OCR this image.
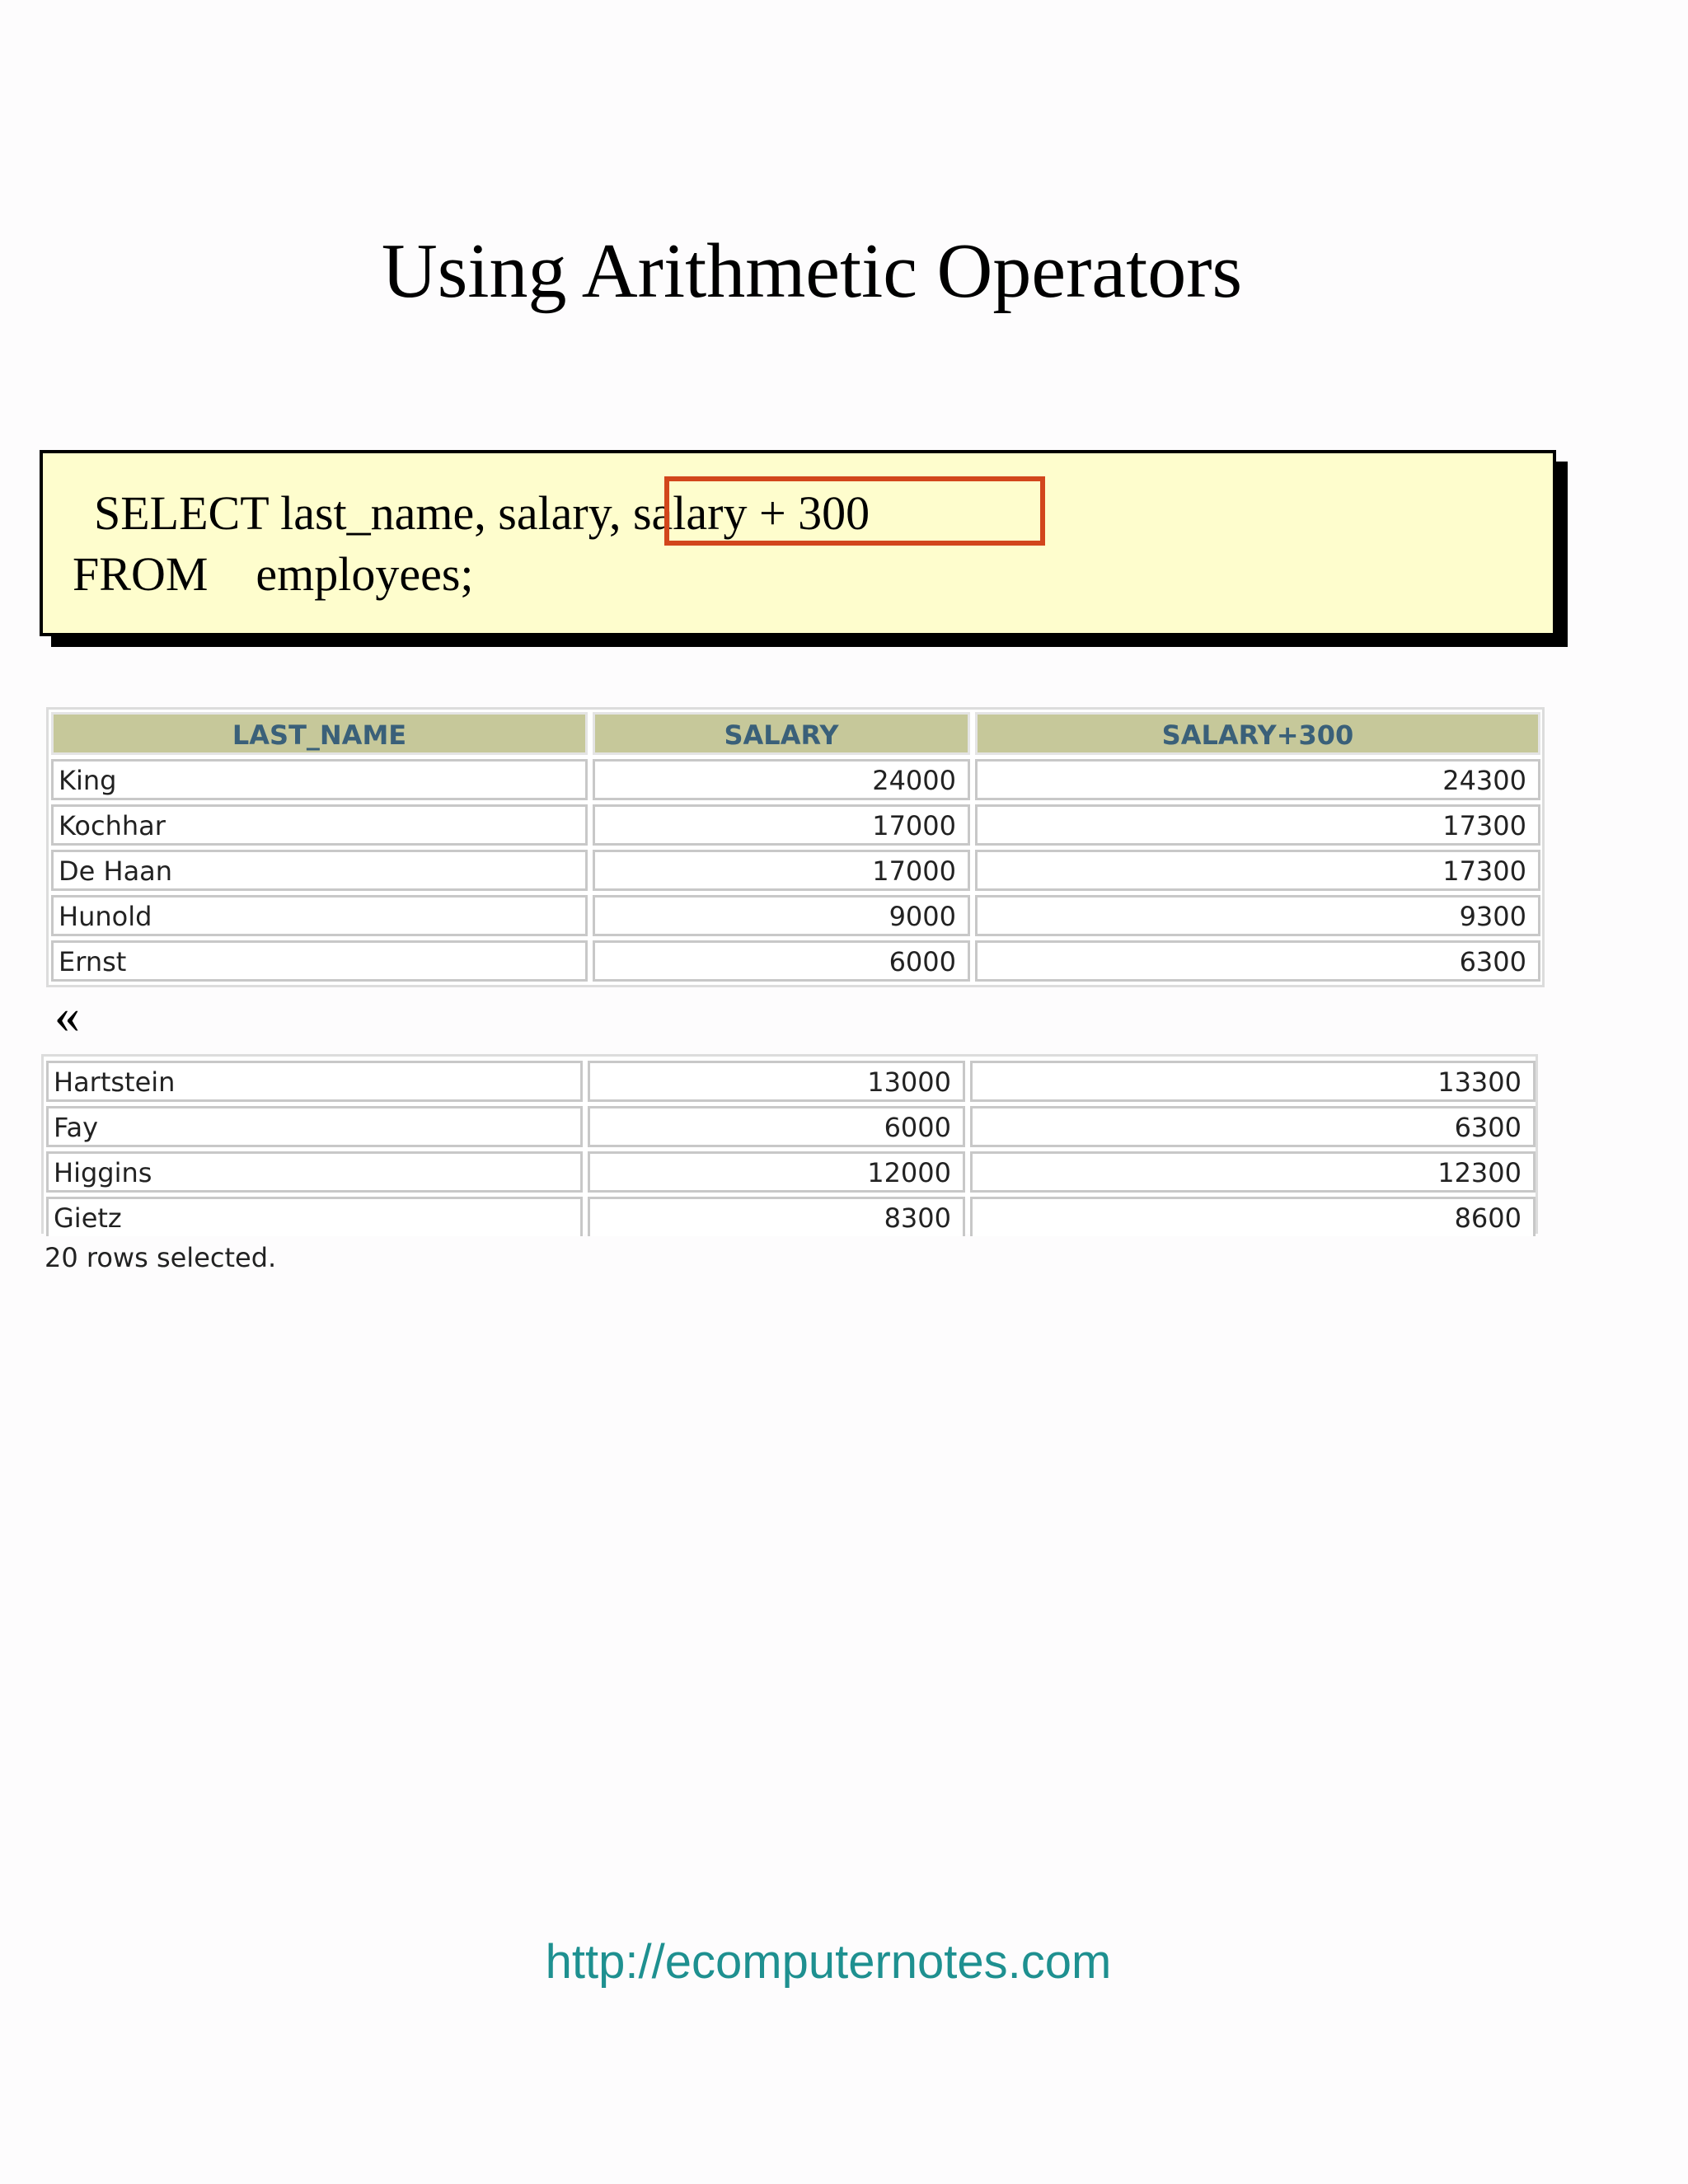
Using Arithmetic Operators
SELECT last_name, salary, salary + 300
FROM    employees;
LAST_NAME	SALARY	SALARY+300
King	24000	24300
Kochhar	17000	17300
De Haan	17000	17300
Hunold	9000	9300
Ernst	6000	6300
«
Hartstein	13000	13300
Fay	6000	6300
Higgins	12000	12300
Gietz	8300	8600
20 rows selected.
http://ecomputernotes.com
